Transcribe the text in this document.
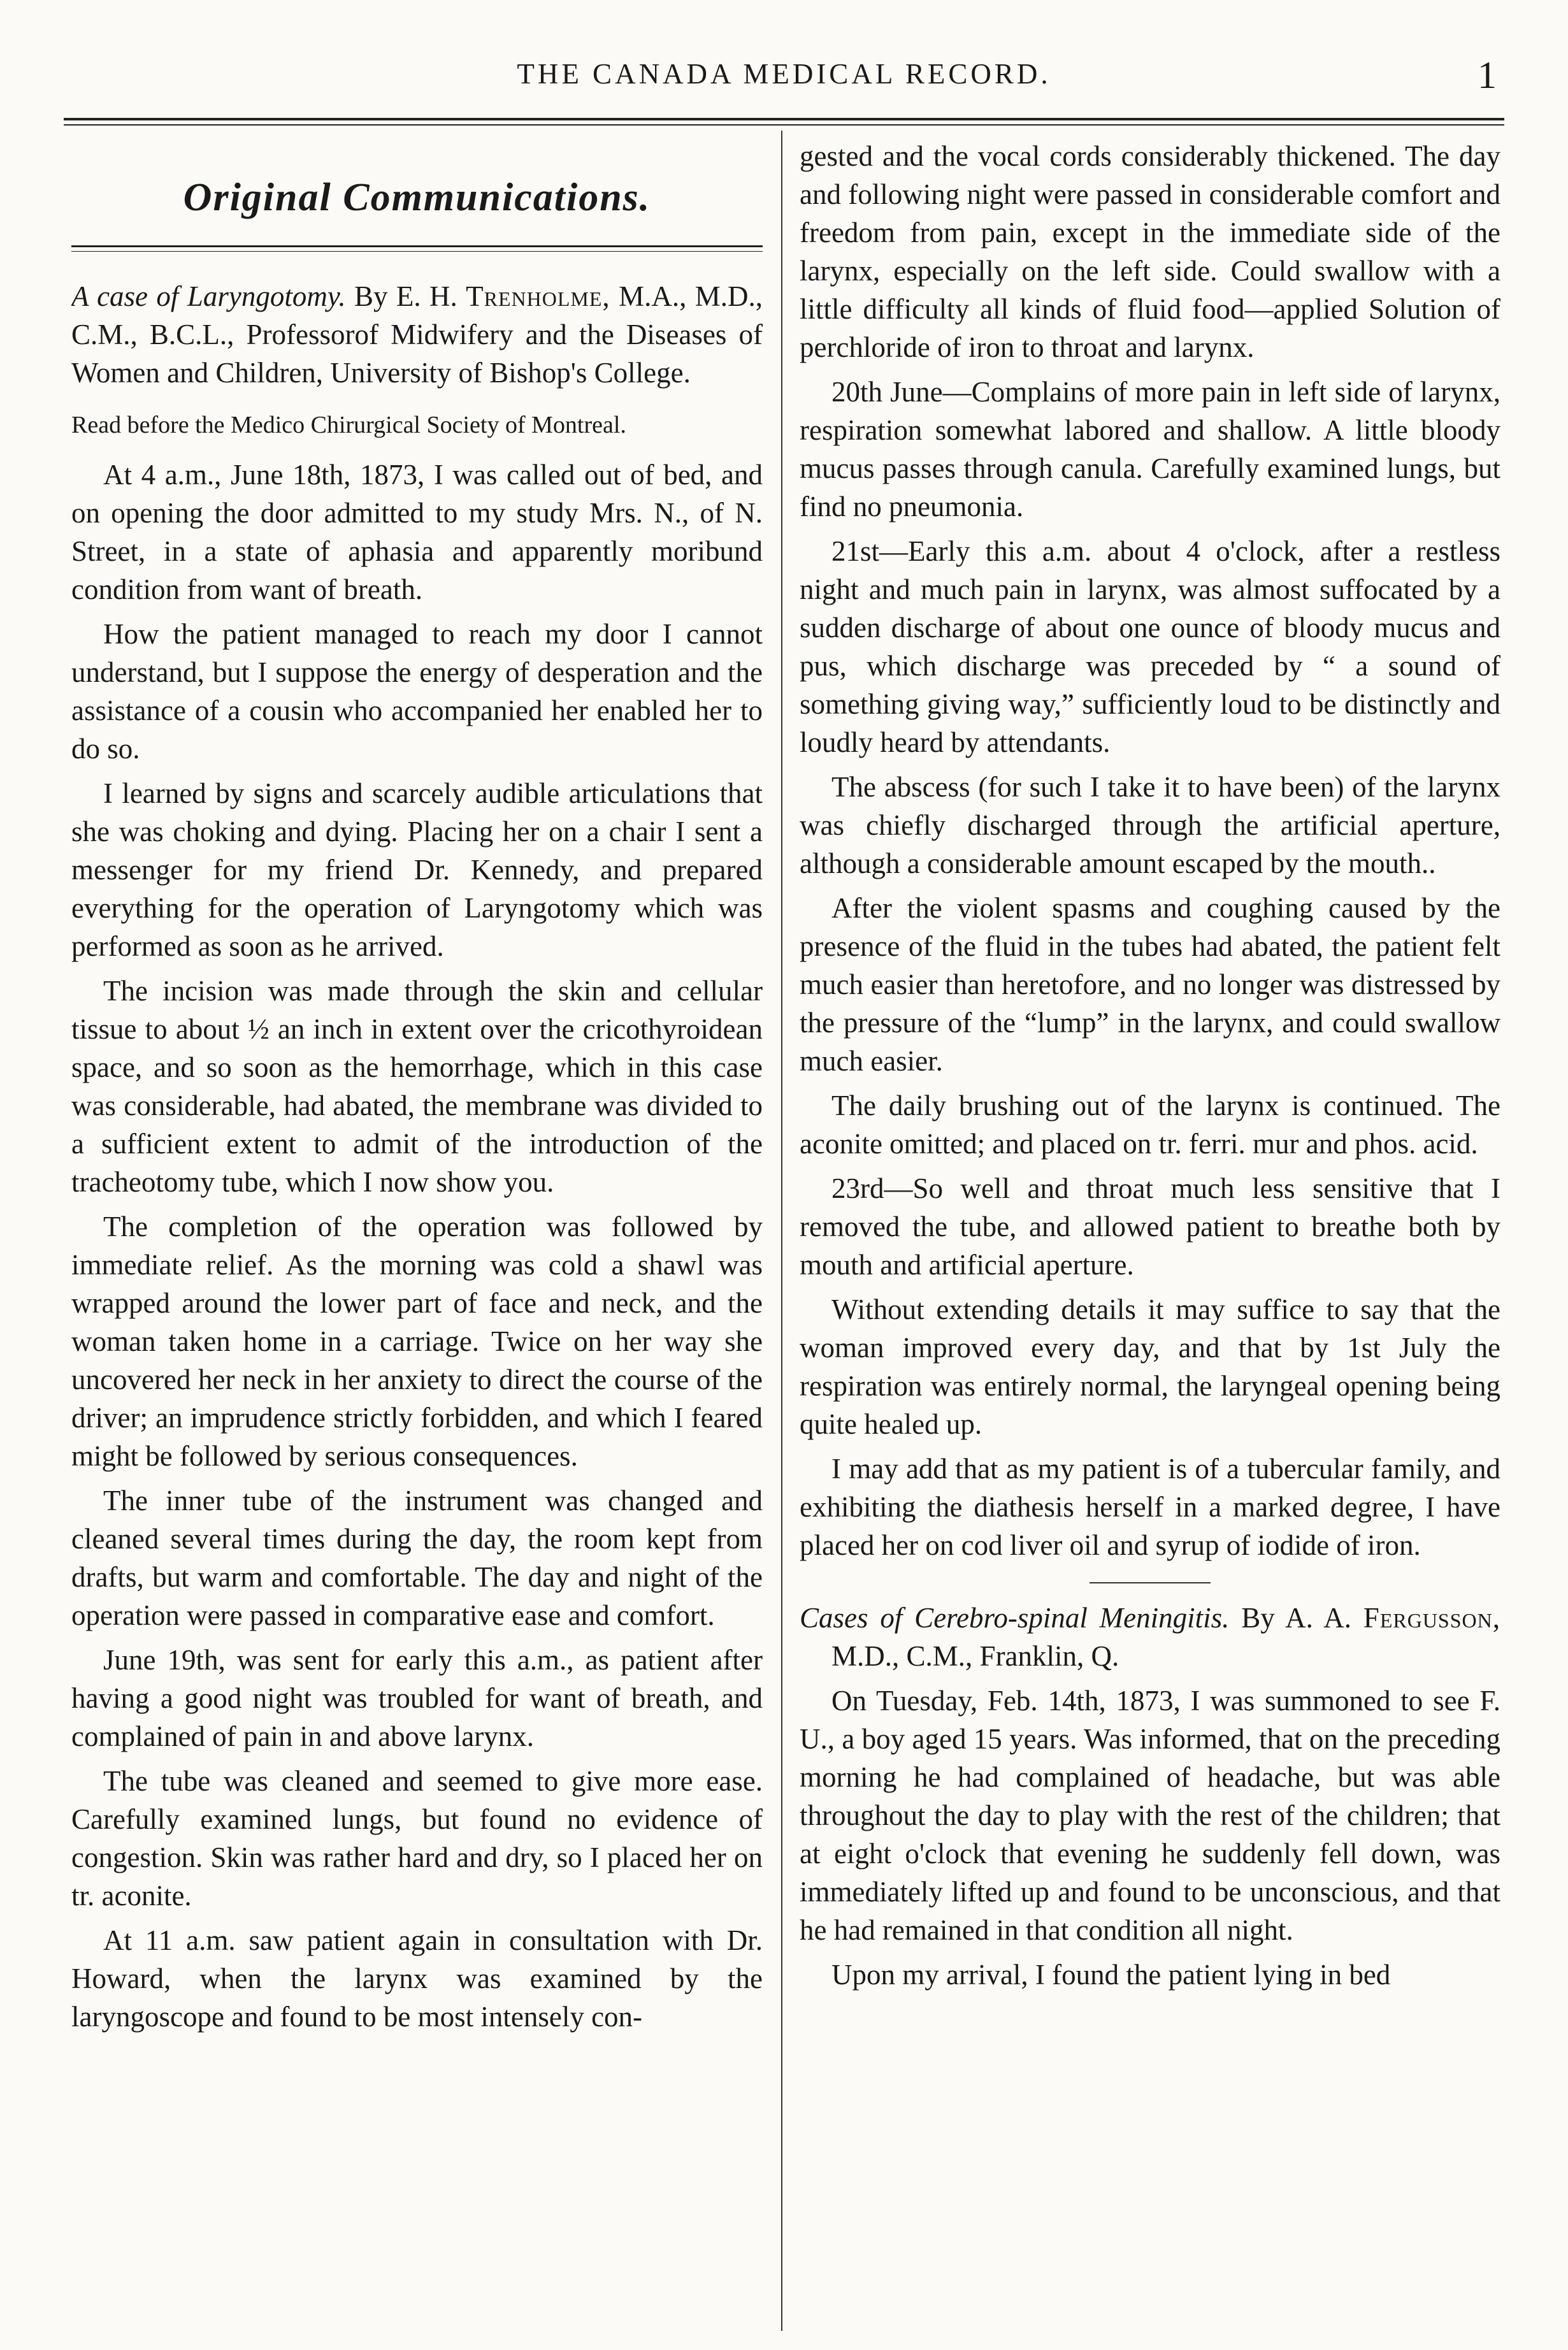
THE CANADA MEDICAL RECORD.	1
Original Communications.

A case of Laryngotomy. By E. H. Trenholme, M.A., M.D., C.M., B.C.L., Professorof Midwifery and the Diseases of Women and Children, University of Bishop's College.

Read before the Medico Chirurgical Society of Montreal.

At 4 a.m., June 18th, 1873, I was called out of bed, and on opening the door admitted to my study Mrs. N., of N. Street, in a state of aphasia and apparently moribund condition from want of breath.

How the patient managed to reach my door I cannot understand, but I suppose the energy of desperation and the assistance of a cousin who accompanied her enabled her to do so.

I learned by signs and scarcely audible articulations that she was choking and dying. Placing her on a chair I sent a messenger for my friend Dr. Kennedy, and prepared everything for the operation of Laryngotomy which was performed as soon as he arrived.

The incision was made through the skin and cellular tissue to about ½ an inch in extent over the cricothyroidean space, and so soon as the hemorrhage, which in this case was considerable, had abated, the membrane was divided to a sufficient extent to admit of the introduction of the tracheotomy tube, which I now show you.

The completion of the operation was followed by immediate relief. As the morning was cold a shawl was wrapped around the lower part of face and neck, and the woman taken home in a carriage. Twice on her way she uncovered her neck in her anxiety to direct the course of the driver; an imprudence strictly forbidden, and which I feared might be followed by serious consequences.

The inner tube of the instrument was changed and cleaned several times during the day, the room kept from drafts, but warm and comfortable. The day and night of the operation were passed in comparative ease and comfort.

June 19th, was sent for early this a.m., as patient after having a good night was troubled for want of breath, and complained of pain in and above larynx.

The tube was cleaned and seemed to give more ease. Carefully examined lungs, but found no evidence of congestion. Skin was rather hard and dry, so I placed her on tr. aconite.

At 11 a.m. saw patient again in consultation with Dr. Howard, when the larynx was examined by the laryngoscope and found to be most intensely con-

gested and the vocal cords considerably thickened. The day and following night were passed in considerable comfort and freedom from pain, except in the immediate side of the larynx, especially on the left side. Could swallow with a little difficulty all kinds of fluid food—applied Solution of perchloride of iron to throat and larynx.

20th June—Complains of more pain in left side of larynx, respiration somewhat labored and shallow. A little bloody mucus passes through canula. Carefully examined lungs, but find no pneumonia.

21st—Early this a.m. about 4 o'clock, after a restless night and much pain in larynx, was almost suffocated by a sudden discharge of about one ounce of bloody mucus and pus, which discharge was preceded by “ a sound of something giving way,” sufficiently loud to be distinctly and loudly heard by attendants.

The abscess (for such I take it to have been) of the larynx was chiefly discharged through the artificial aperture, although a considerable amount escaped by the mouth..

After the violent spasms and coughing caused by the presence of the fluid in the tubes had abated, the patient felt much easier than heretofore, and no longer was distressed by the pressure of the “lump” in the larynx, and could swallow much easier.

The daily brushing out of the larynx is continued. The aconite omitted; and placed on tr. ferri. mur and phos. acid.

23rd—So well and throat much less sensitive that I removed the tube, and allowed patient to breathe both by mouth and artificial aperture.

Without extending details it may suffice to say that the woman improved every day, and that by 1st July the respiration was entirely normal, the laryngeal opening being quite healed up.

I may add that as my patient is of a tubercular family, and exhibiting the diathesis herself in a marked degree, I have placed her on cod liver oil and syrup of iodide of iron.

Cases of Cerebro-spinal Meningitis. By A. A. Fergusson, M.D., C.M., Franklin, Q.

On Tuesday, Feb. 14th, 1873, I was summoned to see F. U., a boy aged 15 years. Was informed, that on the preceding morning he had complained of headache, but was able throughout the day to play with the rest of the children; that at eight o'clock that evening he suddenly fell down, was immediately lifted up and found to be unconscious, and that he had remained in that condition all night.

Upon my arrival, I found the patient lying in bed
